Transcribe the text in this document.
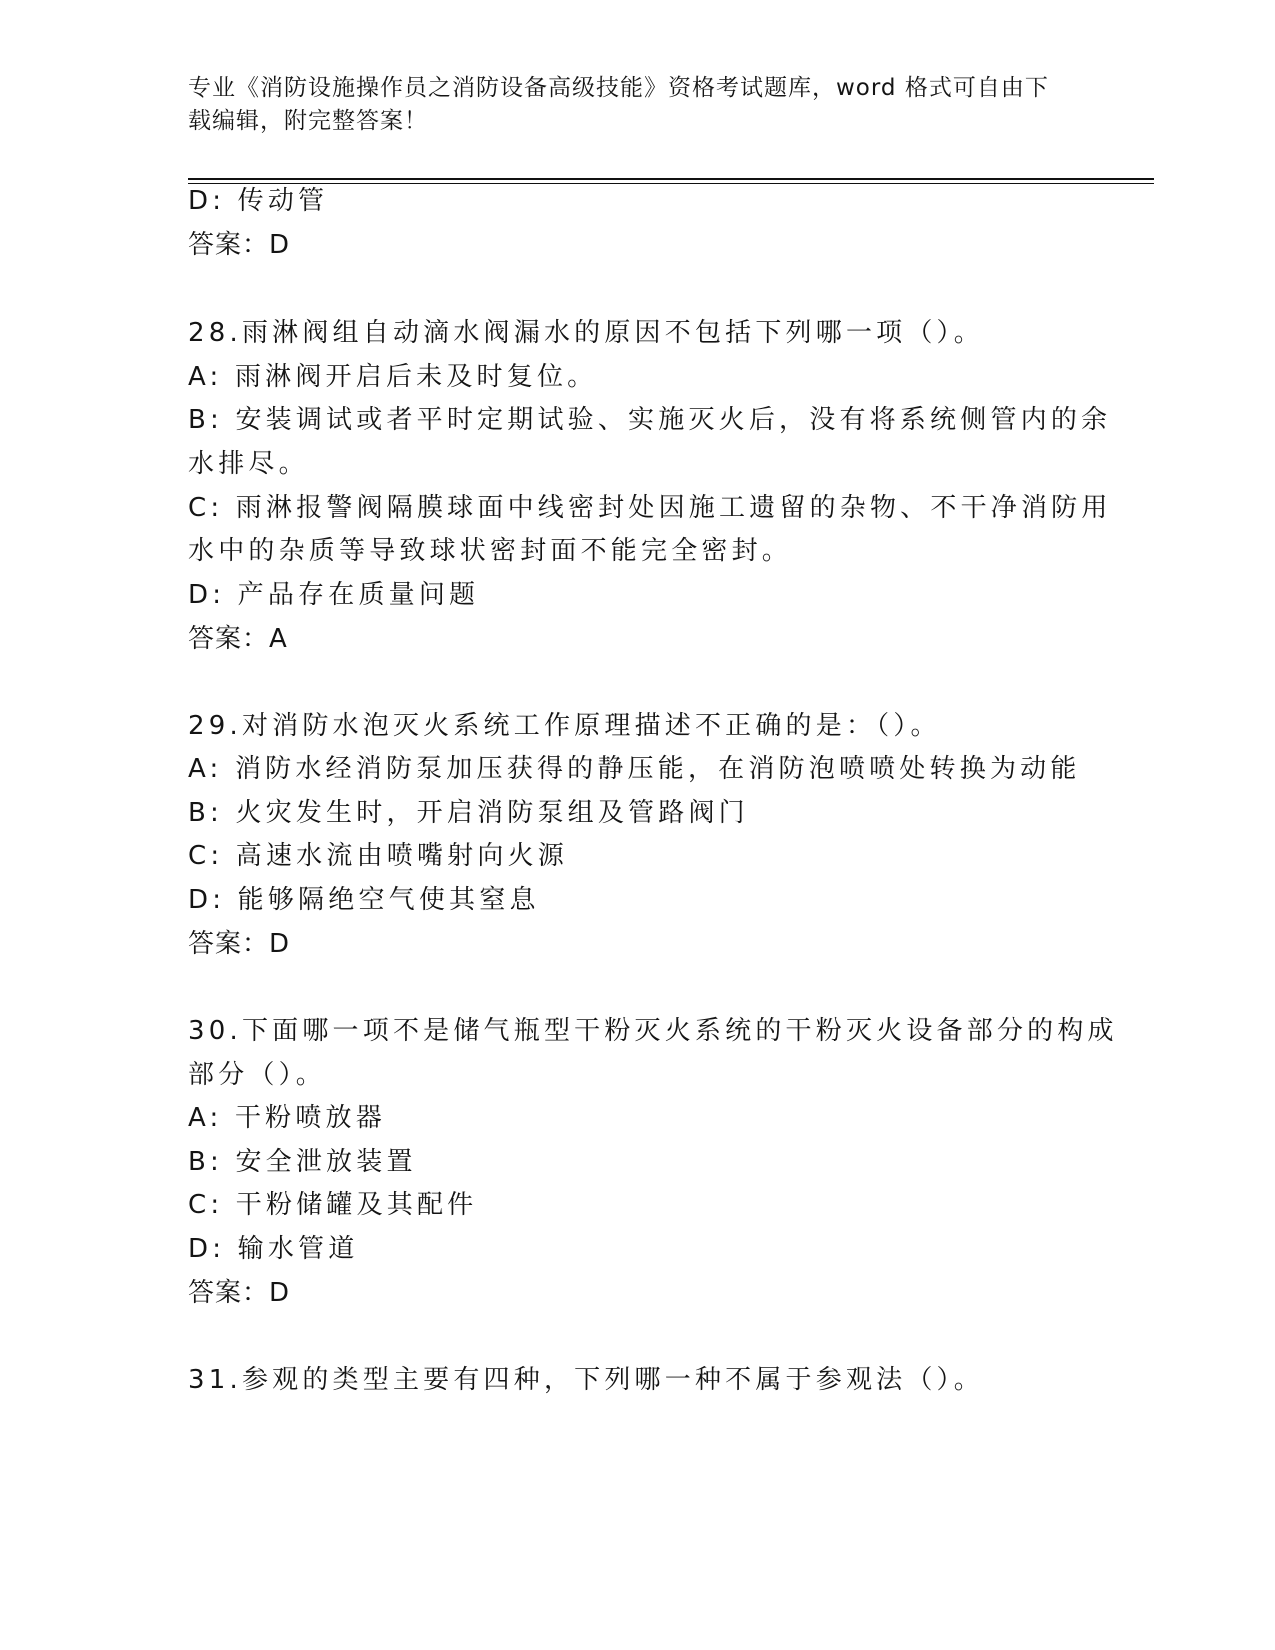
专业《消防设施操作员之消防设备高级技能》资格考试题库，word 格式可自由下
载编辑，附完整答案！
D: 传动管
答案：D
28.雨淋阀组自动滴水阀漏水的原因不包括下列哪一项（）。
A: 雨淋阀开启后未及时复位。
B: 安装调试或者平时定期试验、实施灭火后，没有将系统侧管内的余
水排尽。
C: 雨淋报警阀隔膜球面中线密封处因施工遗留的杂物、不干净消防用
水中的杂质等导致球状密封面不能完全密封。
D: 产品存在质量问题
答案：A
29.对消防水泡灭火系统工作原理描述不正确的是：（）。
A: 消防水经消防泵加压获得的静压能，在消防泡喷喷处转换为动能
B: 火灾发生时，开启消防泵组及管路阀门
C: 高速水流由喷嘴射向火源
D: 能够隔绝空气使其窒息
答案：D
30.下面哪一项不是储气瓶型干粉灭火系统的干粉灭火设备部分的构成
部分（）。
A: 干粉喷放器
B: 安全泄放装置
C: 干粉储罐及其配件
D: 输水管道
答案：D
31.参观的类型主要有四种，下列哪一种不属于参观法（）。
